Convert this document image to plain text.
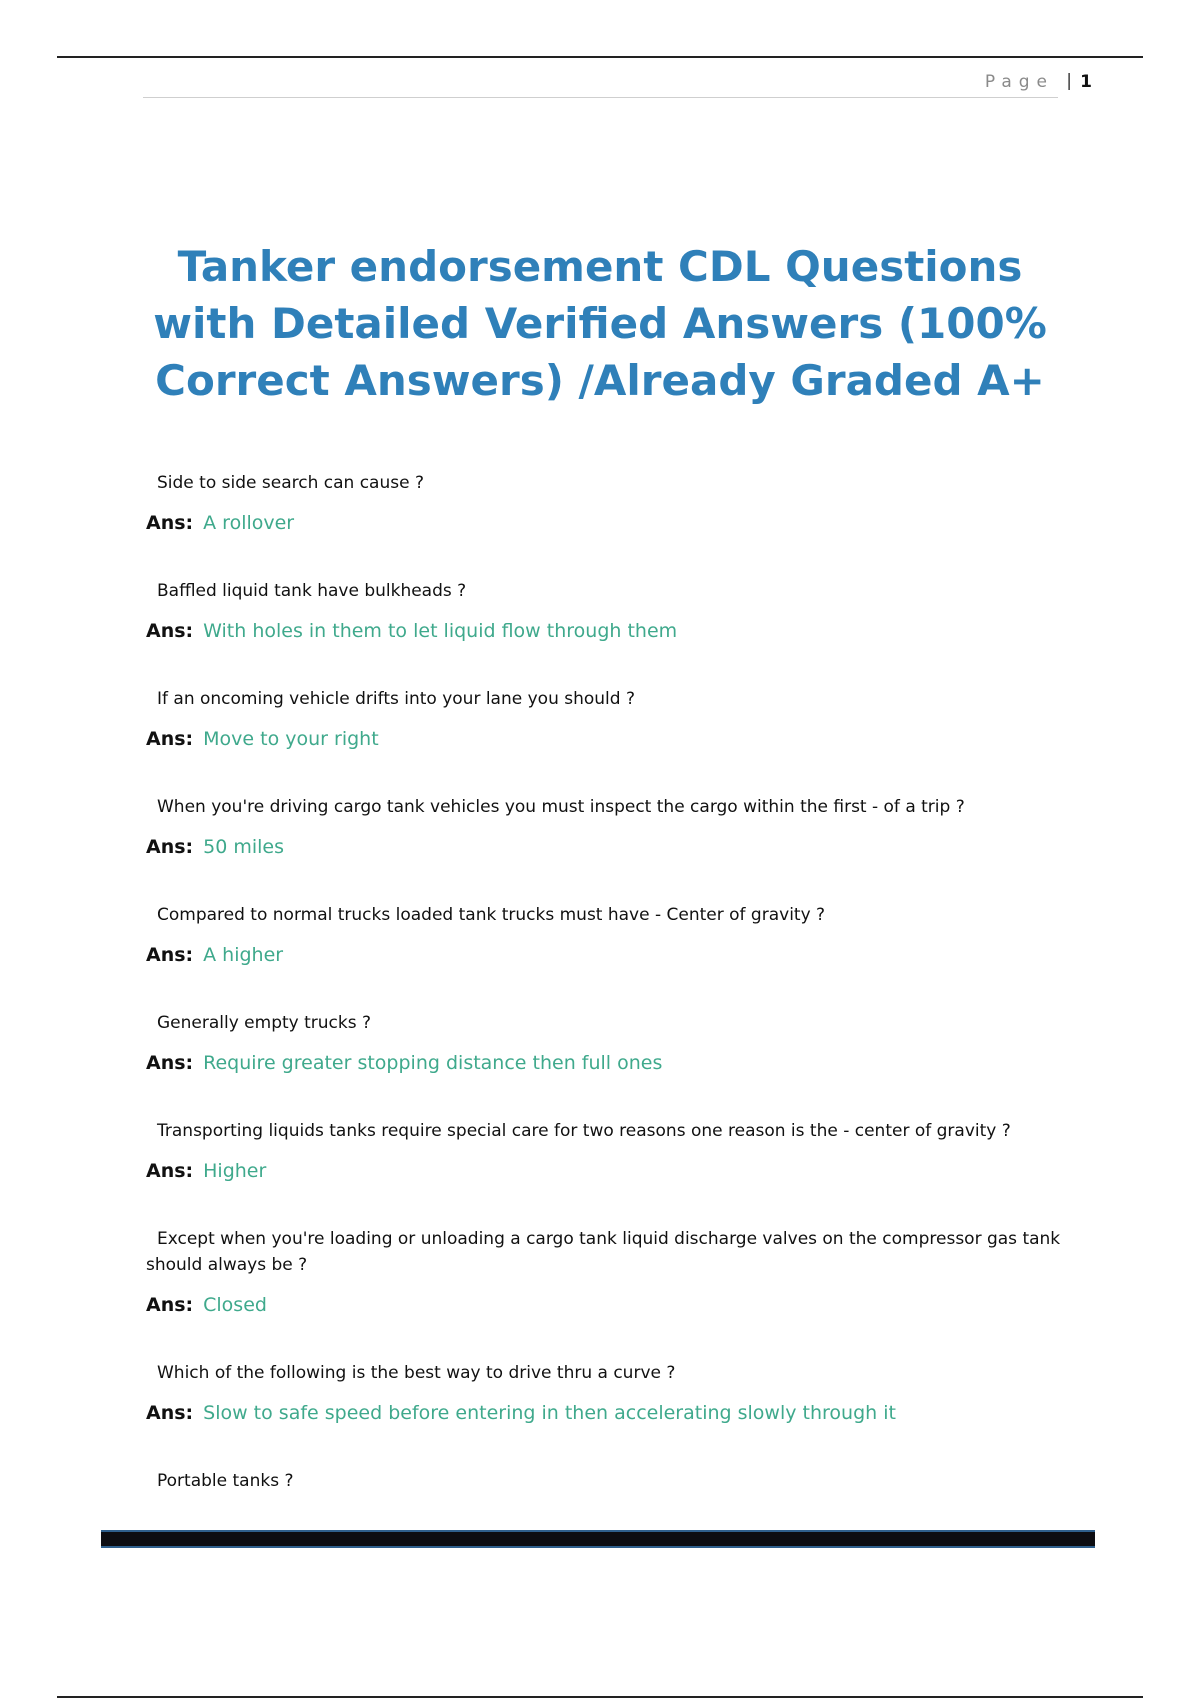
Page | 1
Tanker endorsement CDL Questions with Detailed Verified Answers (100% Correct Answers) /Already Graded A+

Side to side search can cause ?

Ans: A rollover

Baffled liquid tank have bulkheads ?

Ans: With holes in them to let liquid flow through them

If an oncoming vehicle drifts into your lane you should ?

Ans: Move to your right

When you're driving cargo tank vehicles you must inspect the cargo within the first - of a trip ?

Ans: 50 miles

Compared to normal trucks loaded tank trucks must have - Center of gravity ?

Ans: A higher

Generally empty trucks ?

Ans: Require greater stopping distance then full ones

Transporting liquids tanks require special care for two reasons one reason is the - center of gravity ?

Ans: Higher

Except when you're loading or unloading a cargo tank liquid discharge valves on the compressor gas tank should always be ?

Ans: Closed

Which of the following is the best way to drive thru a curve ?

Ans: Slow to safe speed before entering in then accelerating slowly through it

Portable tanks ?
